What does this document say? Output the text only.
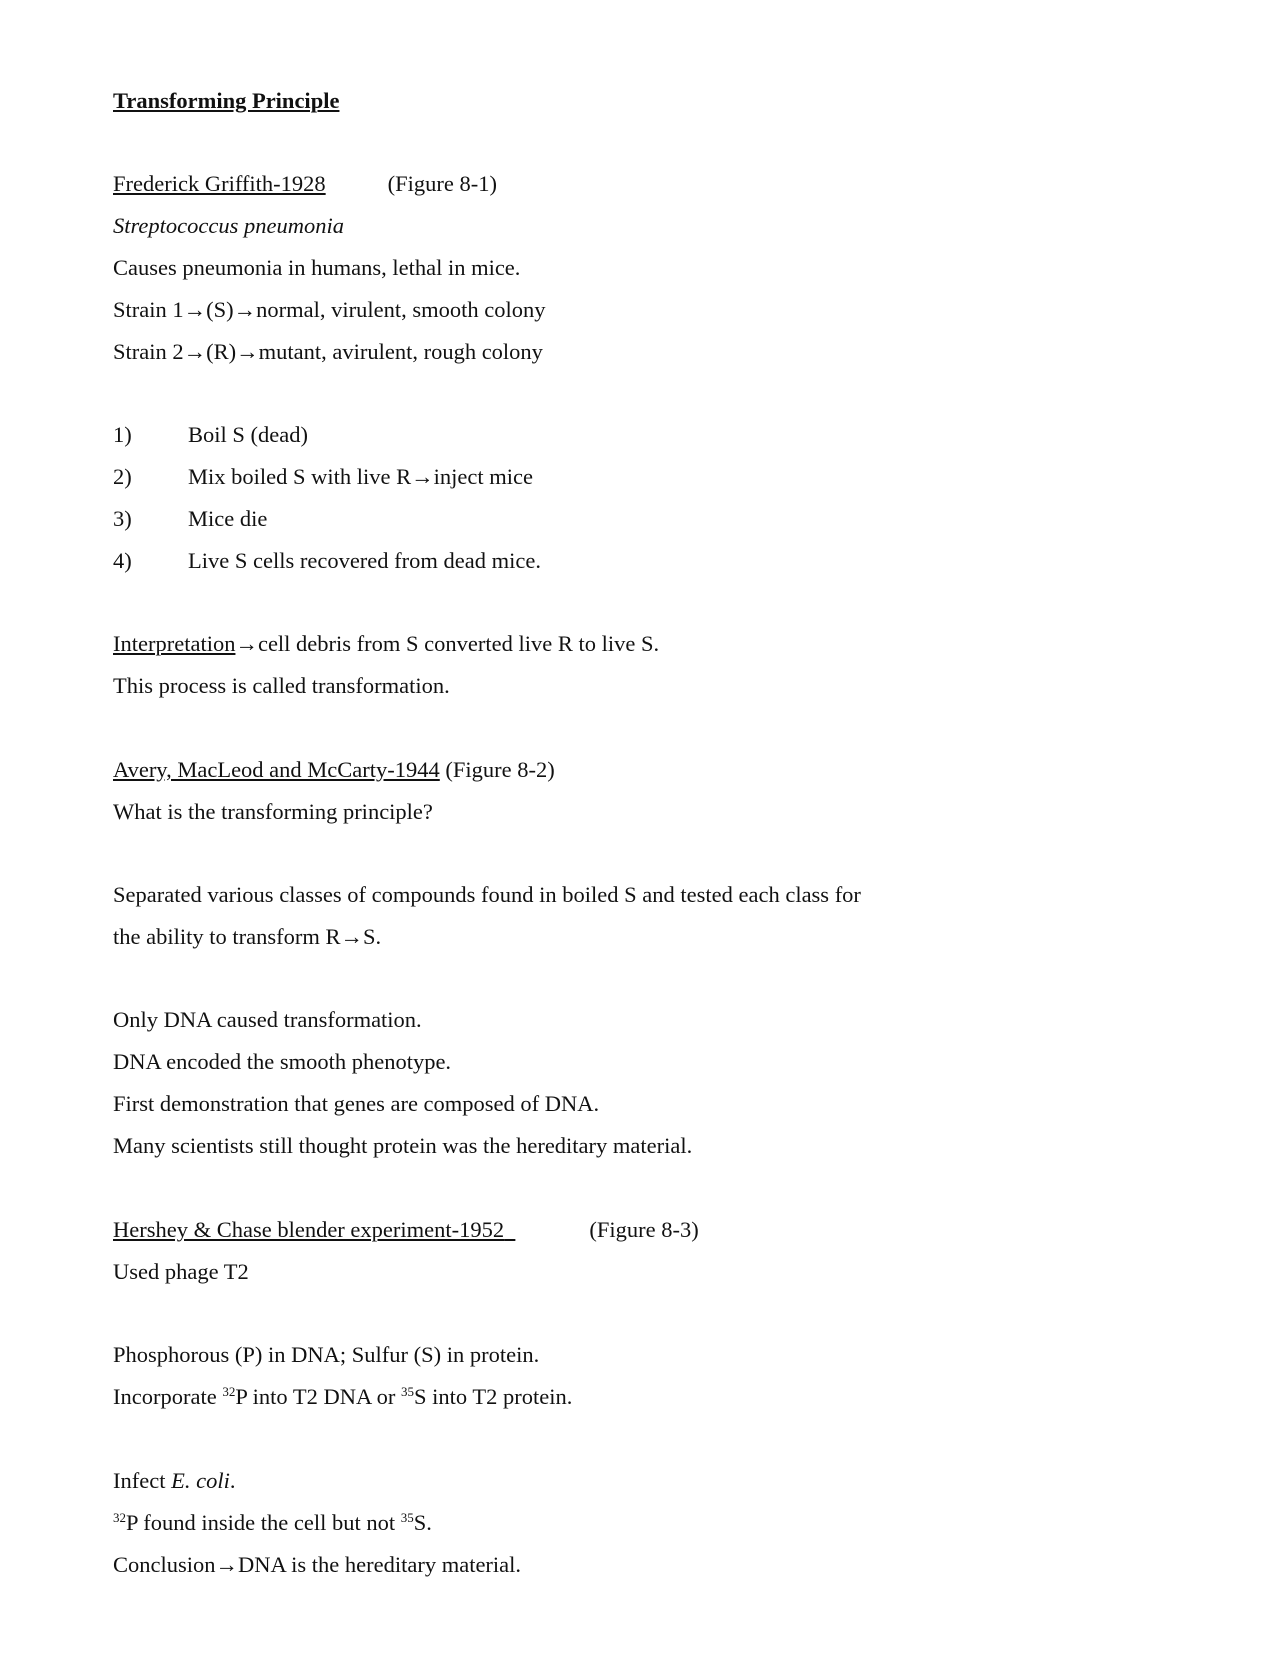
Transforming Principle
Frederick Griffith-1928	(Figure 8-1)
Streptococcus pneumonia
Causes pneumonia in humans, lethal in mice.
Strain 1→(S)→normal, virulent, smooth colony
Strain 2→(R)→mutant, avirulent, rough colony
1)	Boil S (dead)
2)	Mix boiled S with live R→inject mice
3)	Mice die
4)	Live S cells recovered from dead mice.
Interpretation→cell debris from S converted live R to live S.
This process is called transformation.
Avery, MacLeod and McCarty-1944 (Figure 8-2)
What is the transforming principle?
Separated various classes of compounds found in boiled S and tested each class for
the ability to transform R→S.
Only DNA caused transformation.
DNA encoded the smooth phenotype.
First demonstration that genes are composed of DNA.
Many scientists still thought protein was the hereditary material.
Hershey & Chase blender experiment-1952	(Figure 8-3)
Used phage T2
Phosphorous (P) in DNA; Sulfur (S) in protein.
Incorporate $^{32}$P into T2 DNA or $^{35}$S into T2 protein.
Infect E. coli.
$^{32}$P found inside the cell but not $^{35}$S.
Conclusion→DNA is the hereditary material.
